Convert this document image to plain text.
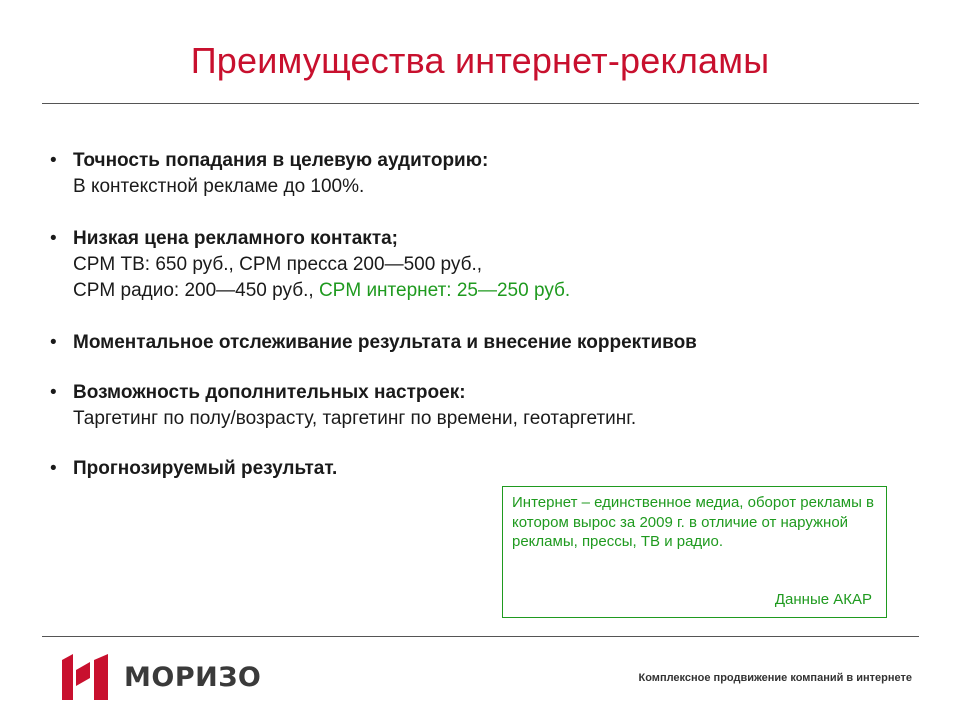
Преимущества интернет-рекламы
• Точность попадания в целевую аудиторию:
В контекстной рекламе до 100%.
• Низкая цена рекламного контакта;
CPM ТВ: 650 руб., CPM пресса 200—500 руб.,
CPM радио: 200—450 руб., CPM интернет: 25—250 руб.
• Моментальное отслеживание результата и внесение коррективов
• Возможность дополнительных настроек:
Таргетинг по полу/возрасту, таргетинг по времени, геотаргетинг.
• Прогнозируемый результат.
Интернет – единственное медиа, оборот рекламы в котором вырос за 2009 г. в отличие от наружной рекламы, прессы, ТВ и радио.
Данные АКАР
МОРИЗО	Комплексное продвижение компаний в интернете
